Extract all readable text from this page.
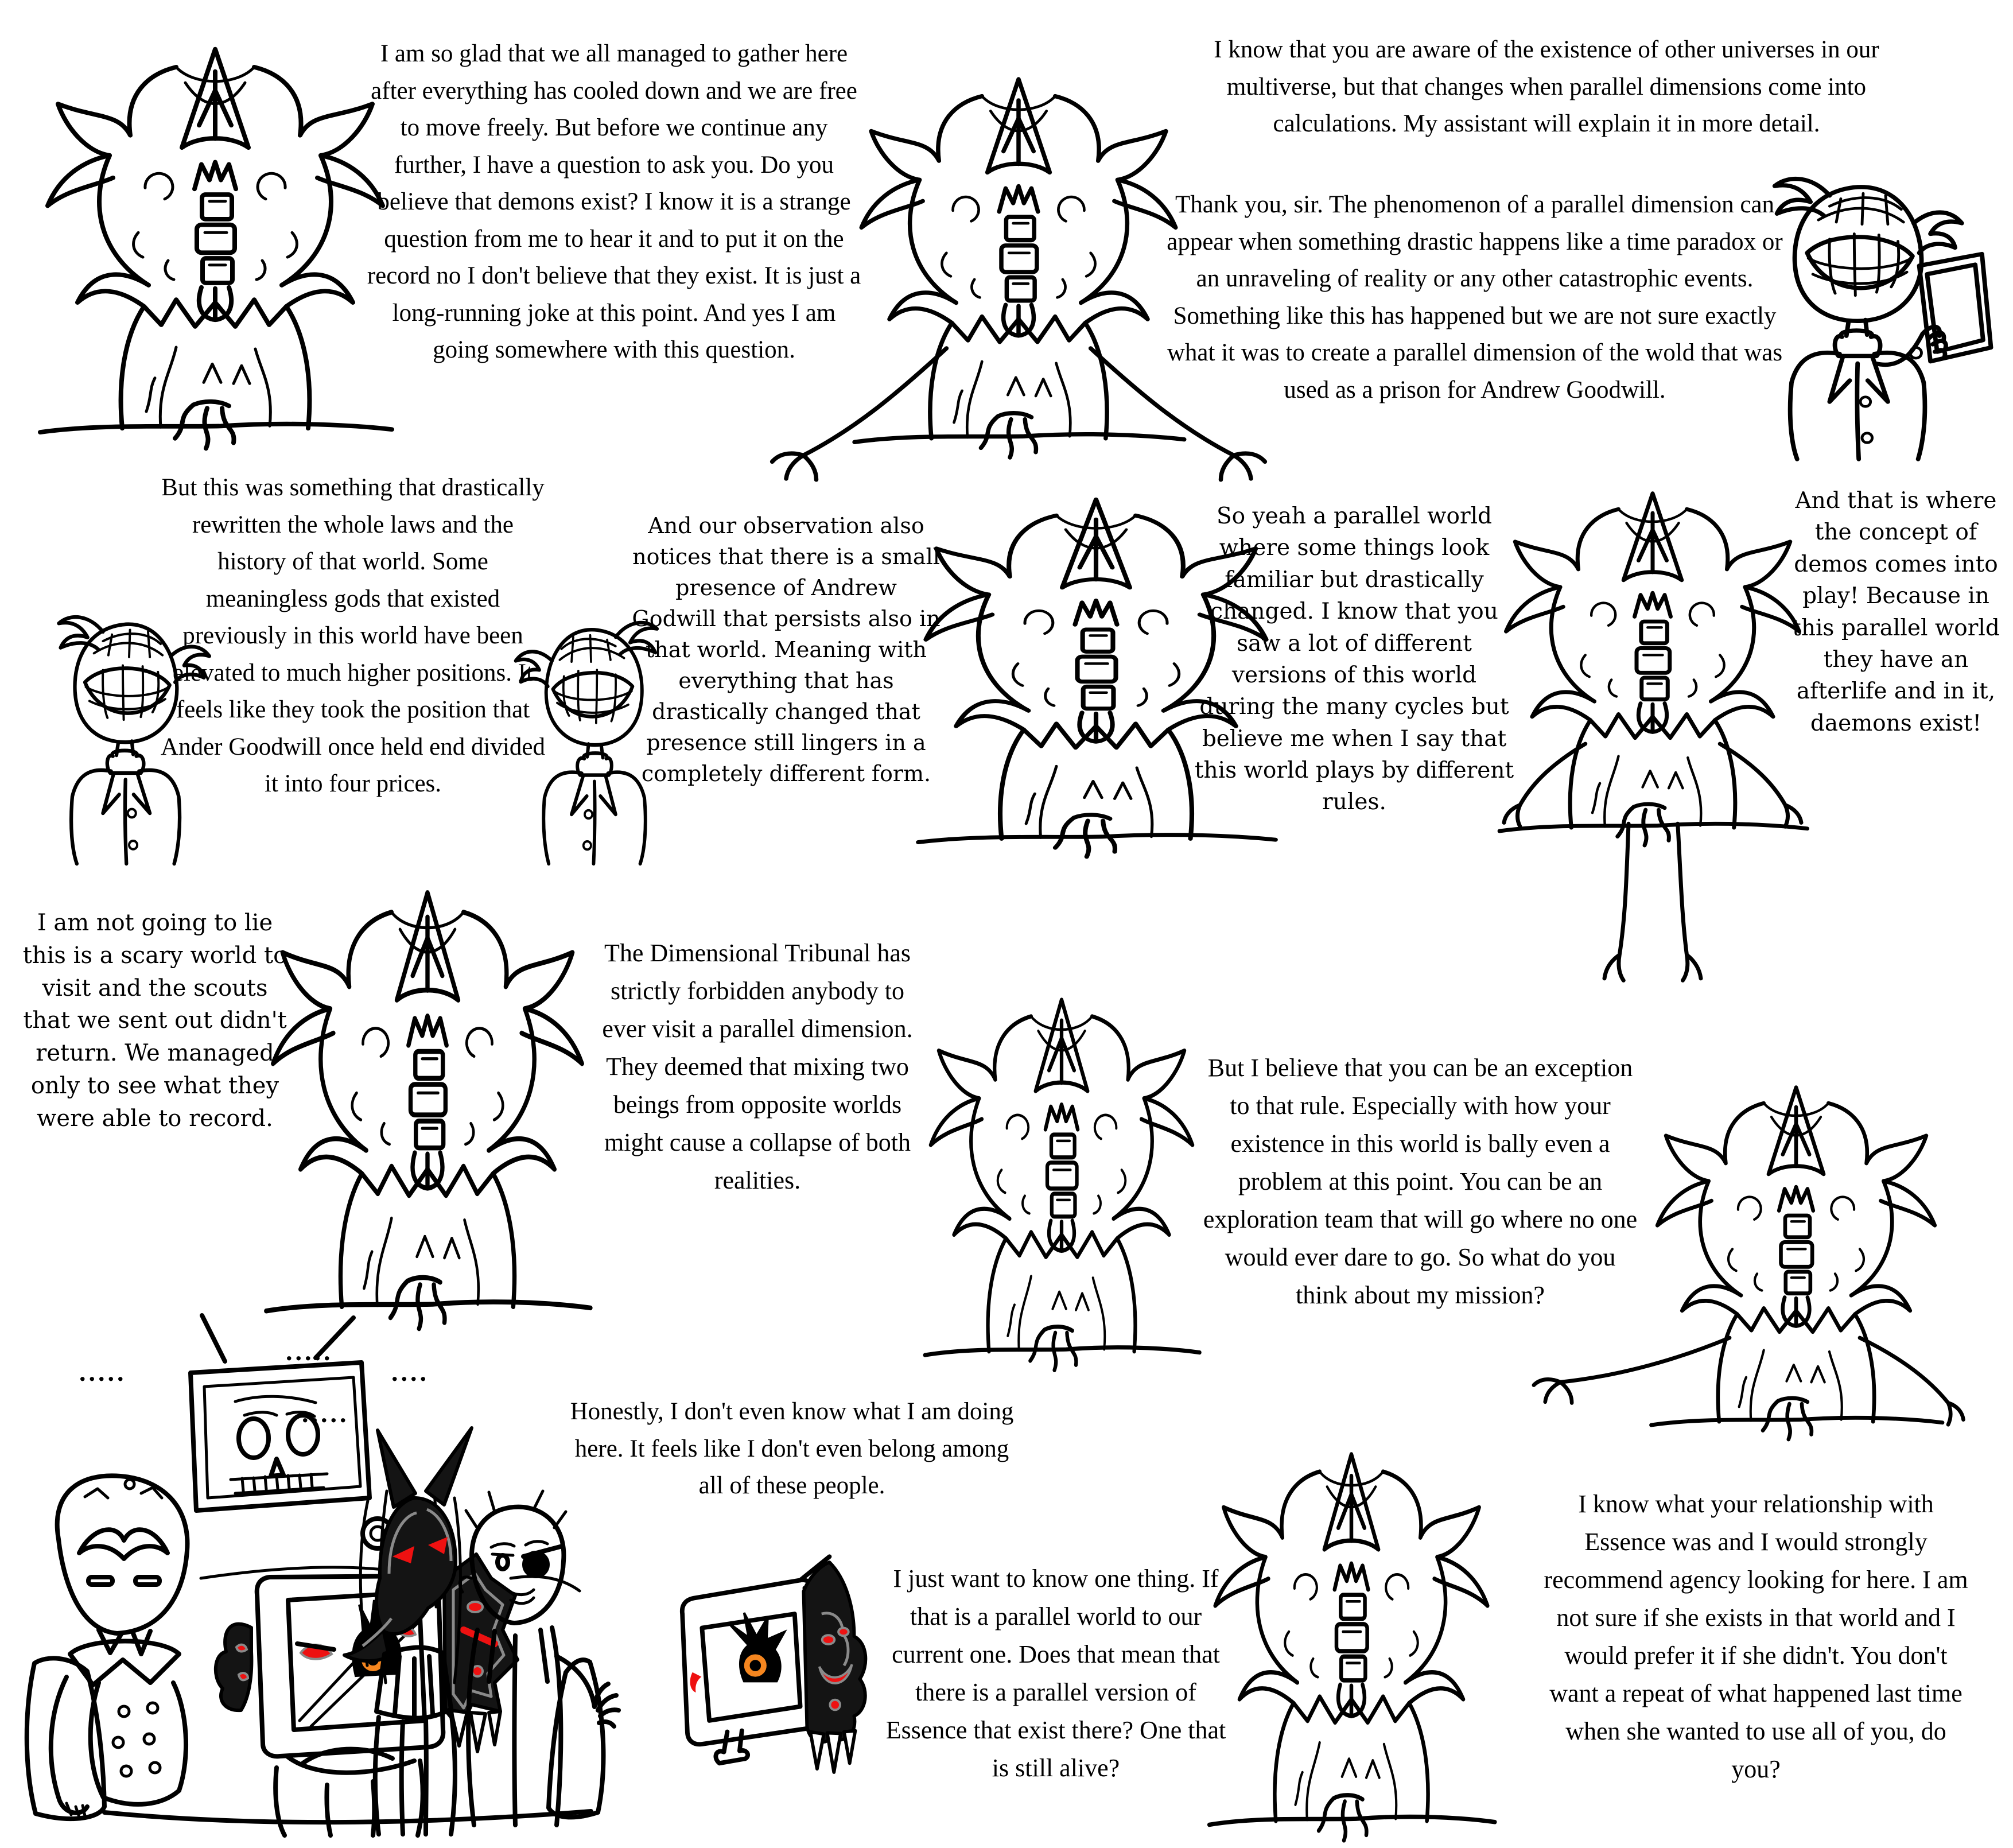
I am so glad that we all managed to gather here after everything has cooled down and we are free to move freely. But before we continue any further, I have a question to ask you. Do you believe that demons exist? I know it is a strange question from me to hear it and to put it on the record no I don't believe that they exist. It is just a long-running joke at this point. And yes I am going somewhere with this question.
I know that you are aware of the existence of other universes in our multiverse, but that changes when parallel dimensions come into calculations. My assistant will explain it in more detail.
Thank you, sir. The phenomenon of a parallel dimension can appear when something drastic happens like a time paradox or an unraveling of reality or any other catastrophic events. Something like this has happened but we are not sure exactly what it was to create a parallel dimension of the wold that was used as a prison for Andrew Goodwill.
But this was something that drastically rewritten the whole laws and the history of that world. Some meaningless gods that existed previously in this world have been elevated to much higher positions. It feels like they took the position that Ander Goodwill once held end divided it into four prices.
And our observation also notices that there is a small presence of Andrew Godwill that persists also in that world. Meaning with everything that has drastically changed that presence still lingers in a completely different form.
So yeah a parallel world where some things look familiar but drastically changed. I know that you saw a lot of different versions of this world during the many cycles but believe me when I say that this world plays by different rules.
And that is where the concept of demos comes into play! Because in this parallel world they have an afterlife and in it, daemons exist!
I am not going to lie this is a scary world to visit and the scouts that we sent out didn't return. We managed only to see what they were able to record.
The Dimensional Tribunal has strictly forbidden anybody to ever visit a parallel dimension. They deemed that mixing two beings from opposite worlds might cause a collapse of both realities.
But I believe that you can be an exception to that rule. Especially with how your existence in this world is bally even a problem at this point. You can be an exploration team that will go where no one would ever dare to go. So what do you think about my mission?
Honestly, I don't even know what I am doing here. It feels like I don't even belong among all of these people.
I just want to know one thing. If that is a parallel world to our current one. Does that mean that there is a parallel version of Essence that exist there? One that is still alive?
I know what your relationship with Essence was and I would strongly recommend agency looking for here. I am not sure if she exists in that world and I would prefer it if she didn't. You don't want a repeat of what happened last time when she wanted to use all of you, do you?
.....
.....
....
.....
